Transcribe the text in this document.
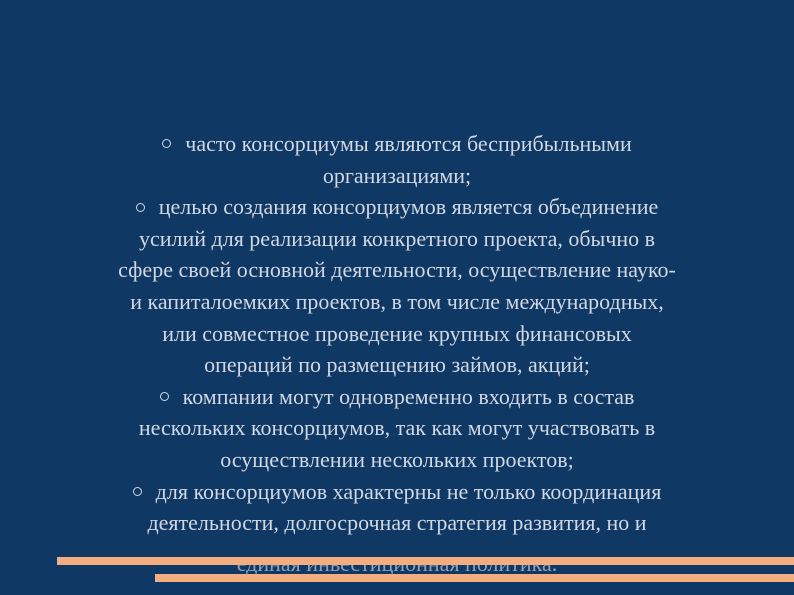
часто консорциумы являются бесприбыльными
организациями;
целью создания консорциумов является объединение
усилий для реализации конкретного проекта, обычно в
сфере своей основной деятельности, осуществление науко-
и капиталоемких проектов, в том числе международных,
или совместное проведение крупных финансовых
операций по размещению займов, акций;
компании могут одновременно входить в состав
нескольких консорциумов, так как могут участвовать в
осуществлении нескольких проектов;
для консорциумов характерны не только координация
деятельности, долгосрочная стратегия развития, но и
